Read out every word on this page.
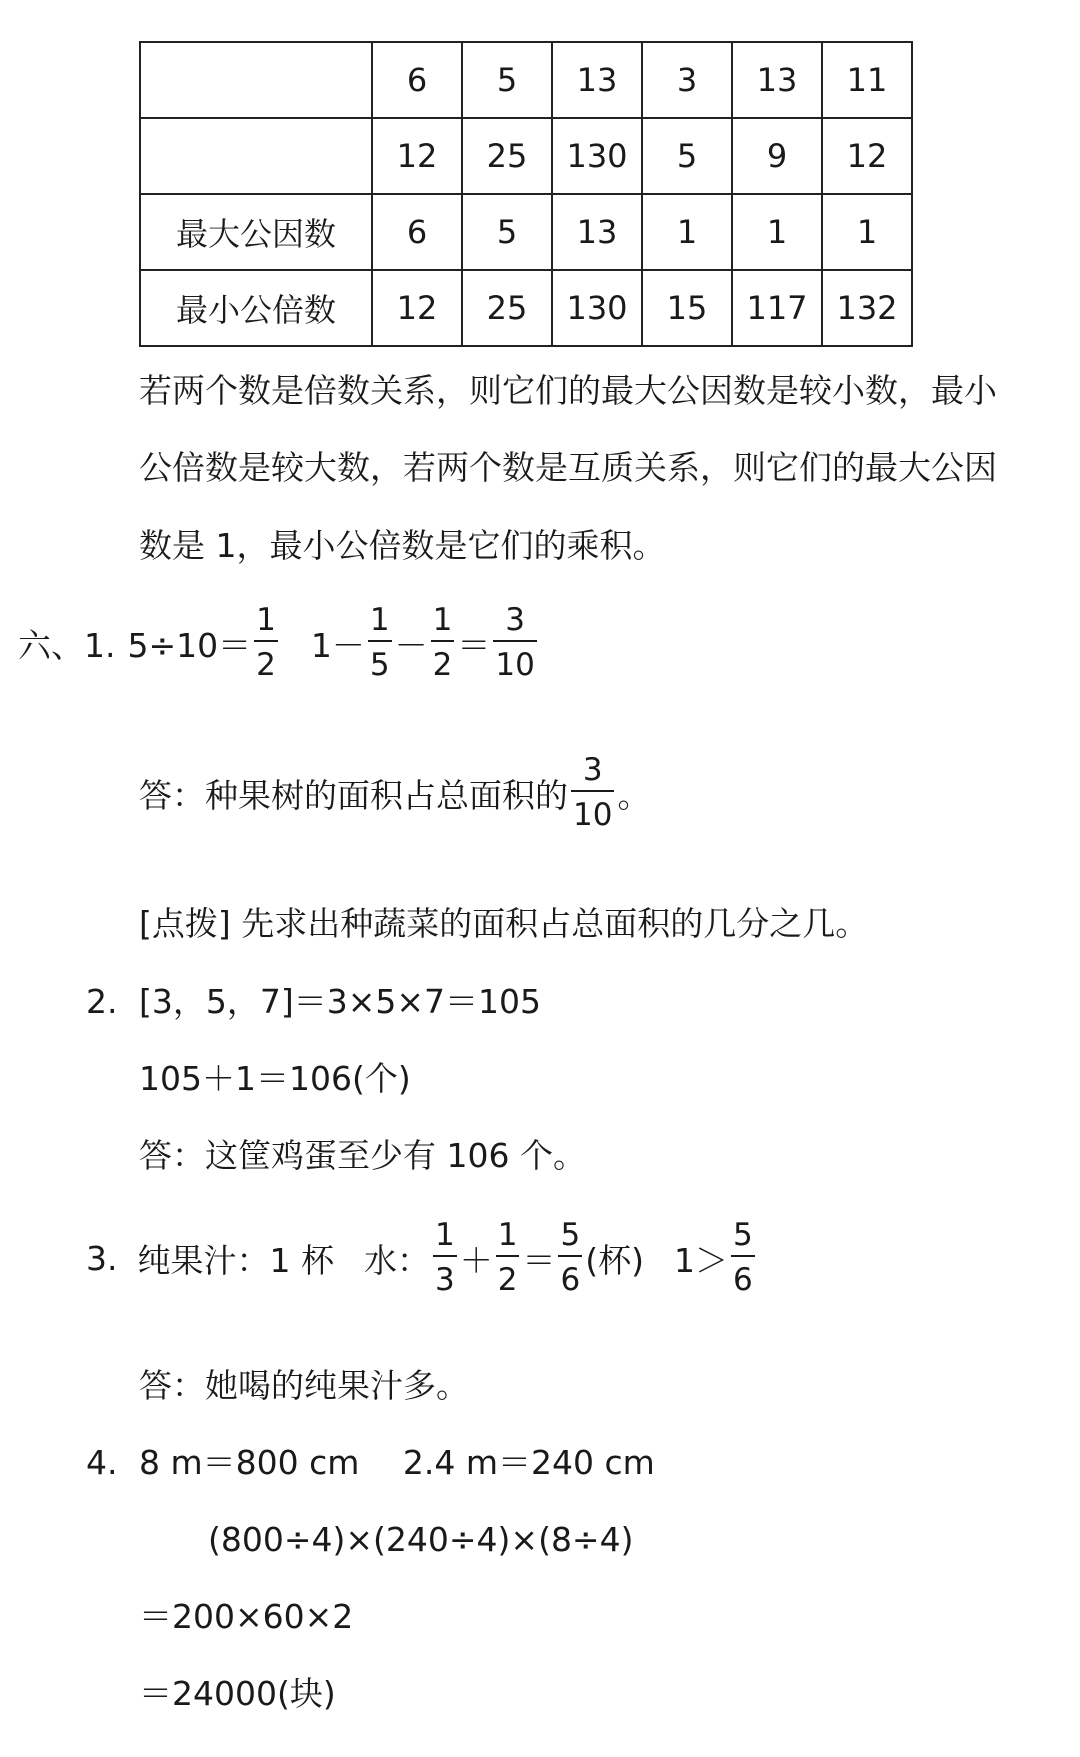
	6	5	13	3	13	11
	12	25	130	5	9	12
最大公因数	6	5	13	1	1	1
最小公倍数	12	25	130	15	117	132
若两个数是倍数关系，则它们的最大公因数是较小数，最小
公倍数是较大数，若两个数是互质关系，则它们的最大公因
数是 1，最小公倍数是它们的乘积。
六、1. $5\div 10= \frac{1}{2} 1- \frac{1}{5} - \frac{1}{2} = \frac{3}{10}$
答：种果树的面积占总面积的 $\frac{3}{10}$ 。
[点拨] 先求出种蔬菜的面积占总面积的几分之几。
2. [3，5，7]＝3×5×7＝105
105＋1＝106(个)
答：这筐鸡蛋至少有 106 个。
3. 纯果汁：1 杯 水： $\frac{1}{3} + \frac{1}{2} = \frac{5}{6}$ (杯) $1> \frac{5}{6}$
答：她喝的纯果汁多。
4. 8 m＝800 cm　 2.4 m＝240 cm
(800÷4)×(240÷4)×(8÷4)
＝200×60×2
＝24000(块)
